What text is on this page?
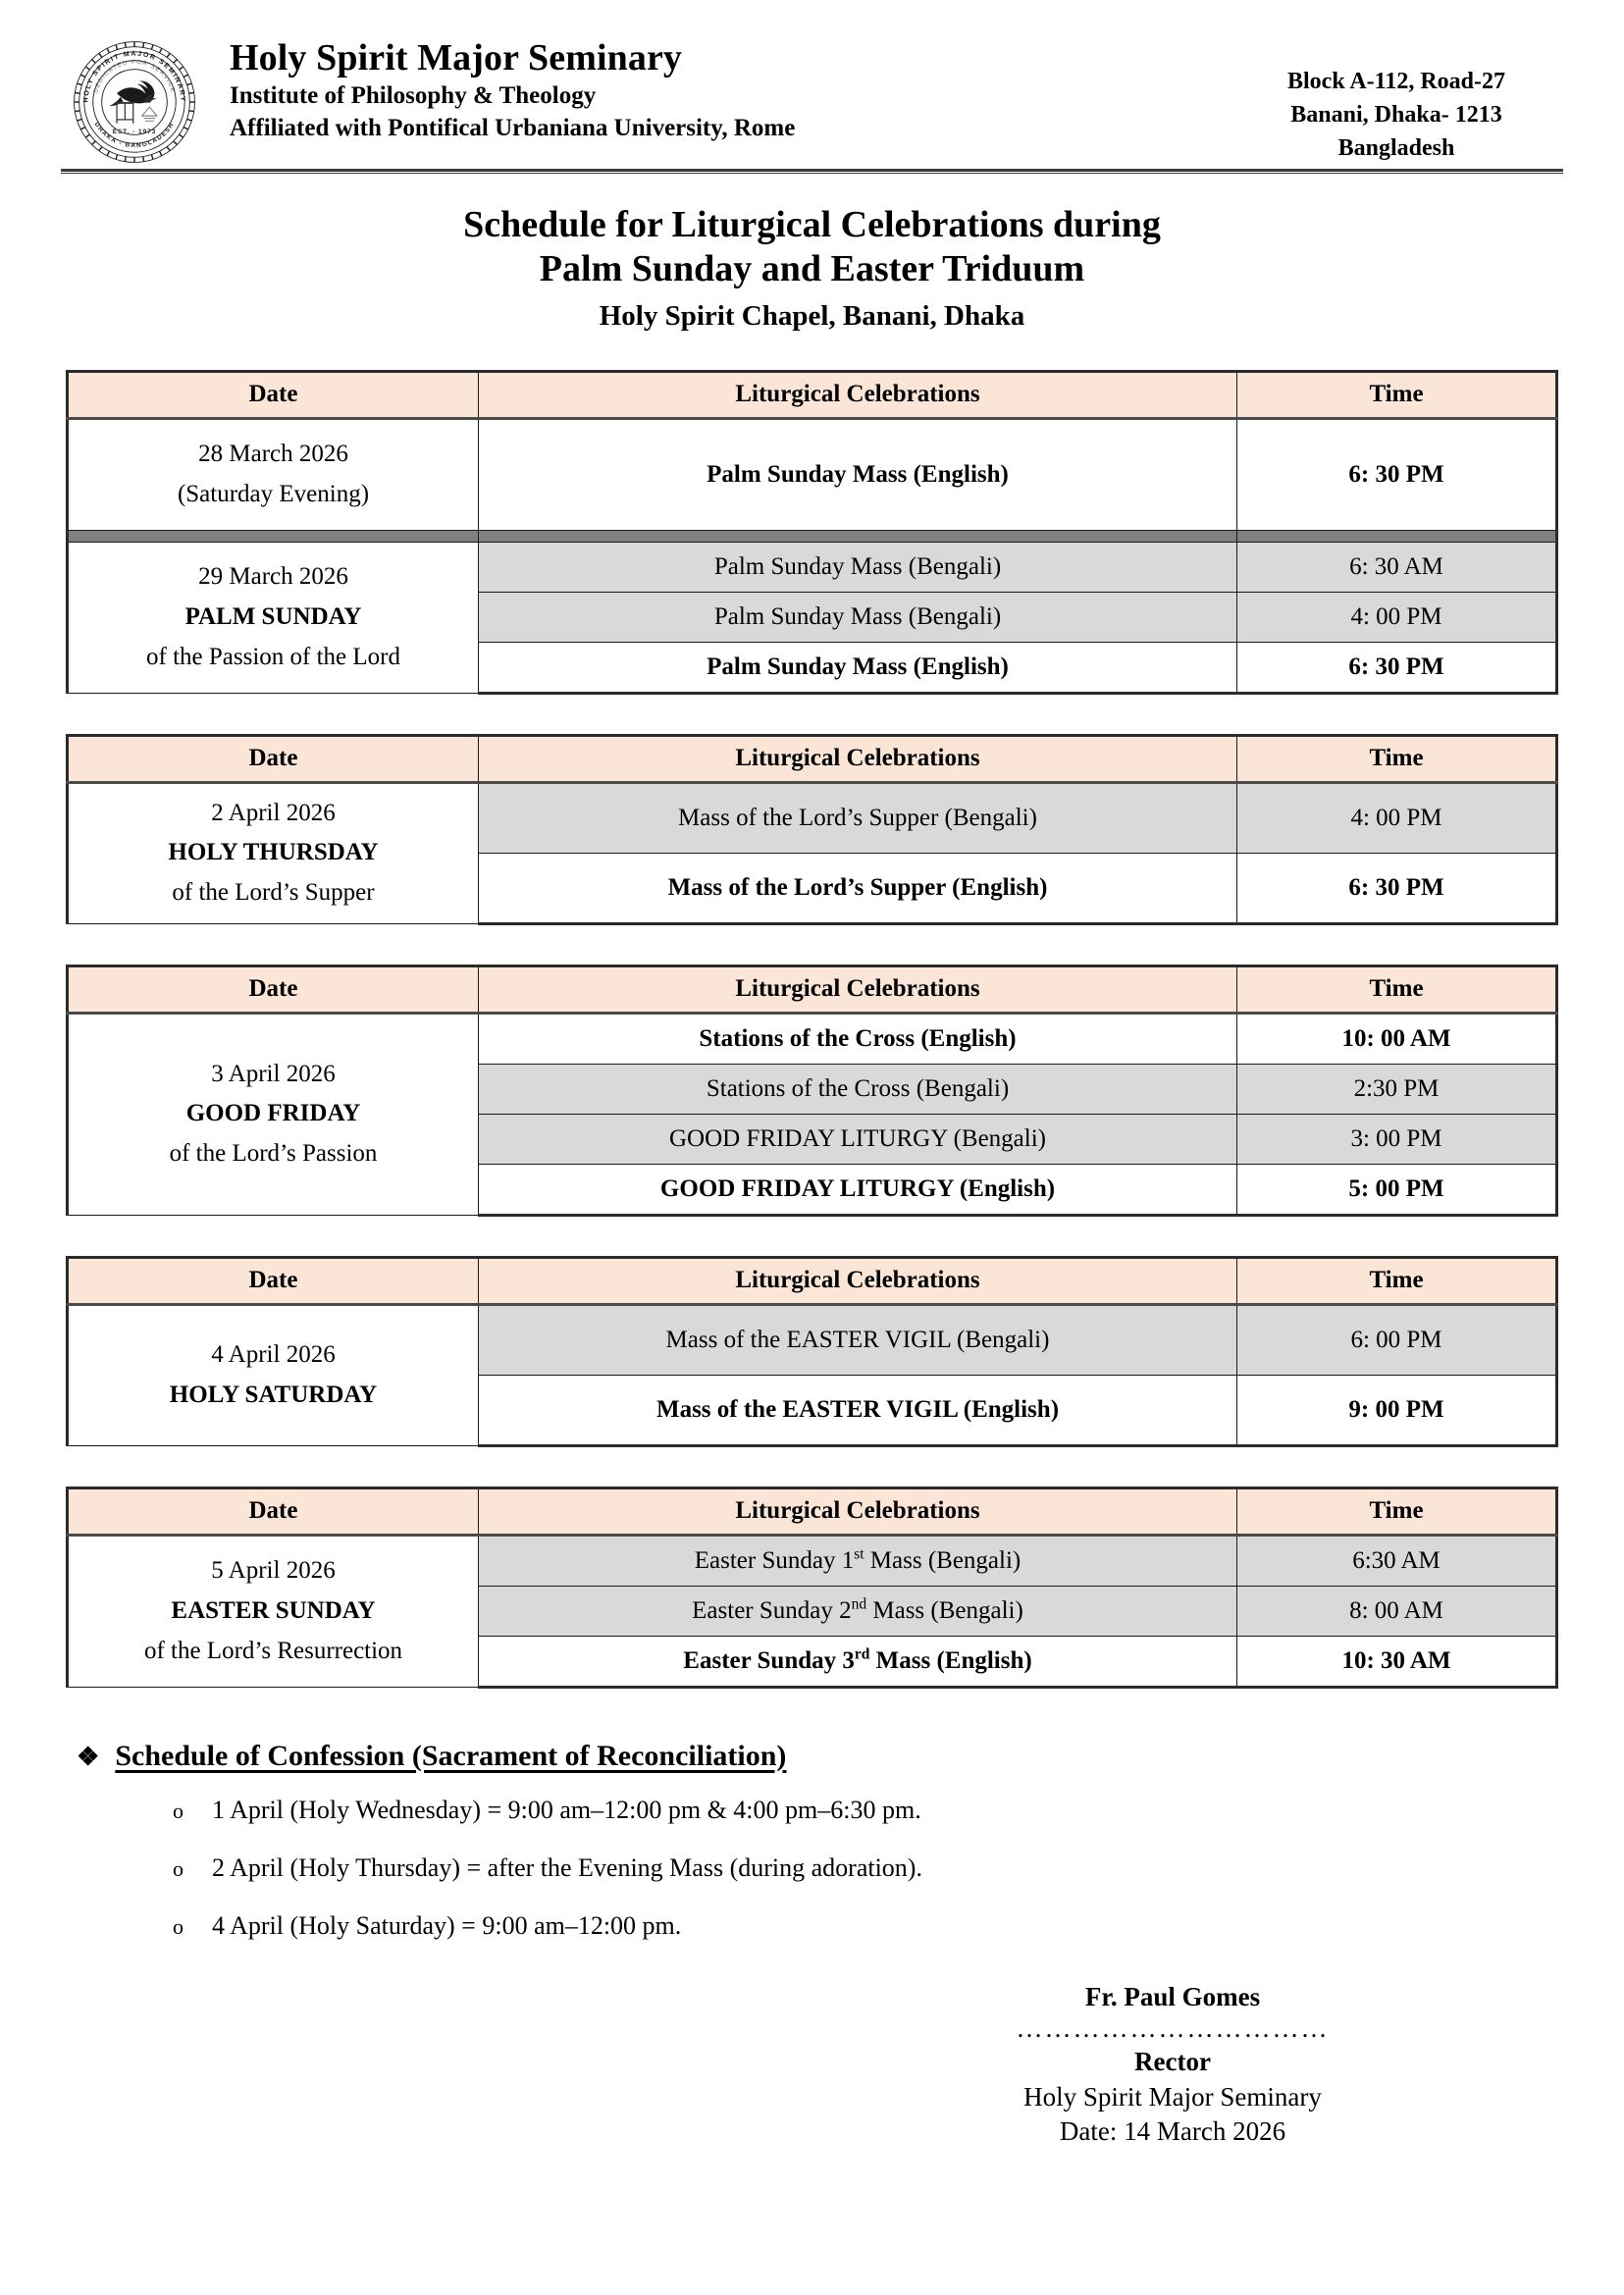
HOLY SPIRIT MAJOR SEMINARY
DEDICATED FOR SERVICE
DHAKA - BANGLADESH
EST. - 1973
Holy Spirit Major Seminary
Institute of Philosophy & Theology
Affiliated with Pontifical Urbaniana University, Rome
Block A-112, Road-27
Banani, Dhaka- 1213
Bangladesh
Schedule for Liturgical Celebrations during
Palm Sunday and Easter Triduum
Holy Spirit Chapel, Banani, Dhaka
Date	Liturgical Celebrations	Time

28 March 2026
(Saturday Evening)	Palm Sunday Mass (English)	6: 30 PM

29 March 2026
PALM SUNDAY
of the Passion of the Lord	Palm Sunday Mass (Bengali)	6: 30 AM
	Palm Sunday Mass (Bengali)	4: 00 PM
	Palm Sunday Mass (English)	6: 30 PM
Date	Liturgical Celebrations	Time

2 April 2026
HOLY THURSDAY
of the Lord’s Supper	Mass of the Lord’s Supper (Bengali)	4: 00 PM
	Mass of the Lord’s Supper (English)	6: 30 PM
Date	Liturgical Celebrations	Time

3 April 2026
GOOD FRIDAY
of the Lord’s Passion	Stations of the Cross (English)	10: 00 AM
	Stations of the Cross (Bengali)	2:30 PM
	GOOD FRIDAY LITURGY (Bengali)	3: 00 PM
	GOOD FRIDAY LITURGY (English)	5: 00 PM
Date	Liturgical Celebrations	Time

4 April 2026
HOLY SATURDAY	Mass of the EASTER VIGIL (Bengali)	6: 00 PM
	Mass of the EASTER VIGIL (English)	9: 00 PM
Date	Liturgical Celebrations	Time

5 April 2026
EASTER SUNDAY
of the Lord’s Resurrection	Easter Sunday 1st Mass (Bengali)	6:30 AM
	Easter Sunday 2nd Mass (Bengali)	8: 00 AM
	Easter Sunday 3rd Mass (English)	10: 30 AM
❖ Schedule of Confession (Sacrament of Reconciliation)
o	1 April (Holy Wednesday) = 9:00 am–12:00 pm & 4:00 pm–6:30 pm.
o	2 April (Holy Thursday) = after the Evening Mass (during adoration).
o	4 April (Holy Saturday) = 9:00 am–12:00 pm.
Fr. Paul Gomes
……………………………
Rector
Holy Spirit Major Seminary
Date: 14 March 2026
